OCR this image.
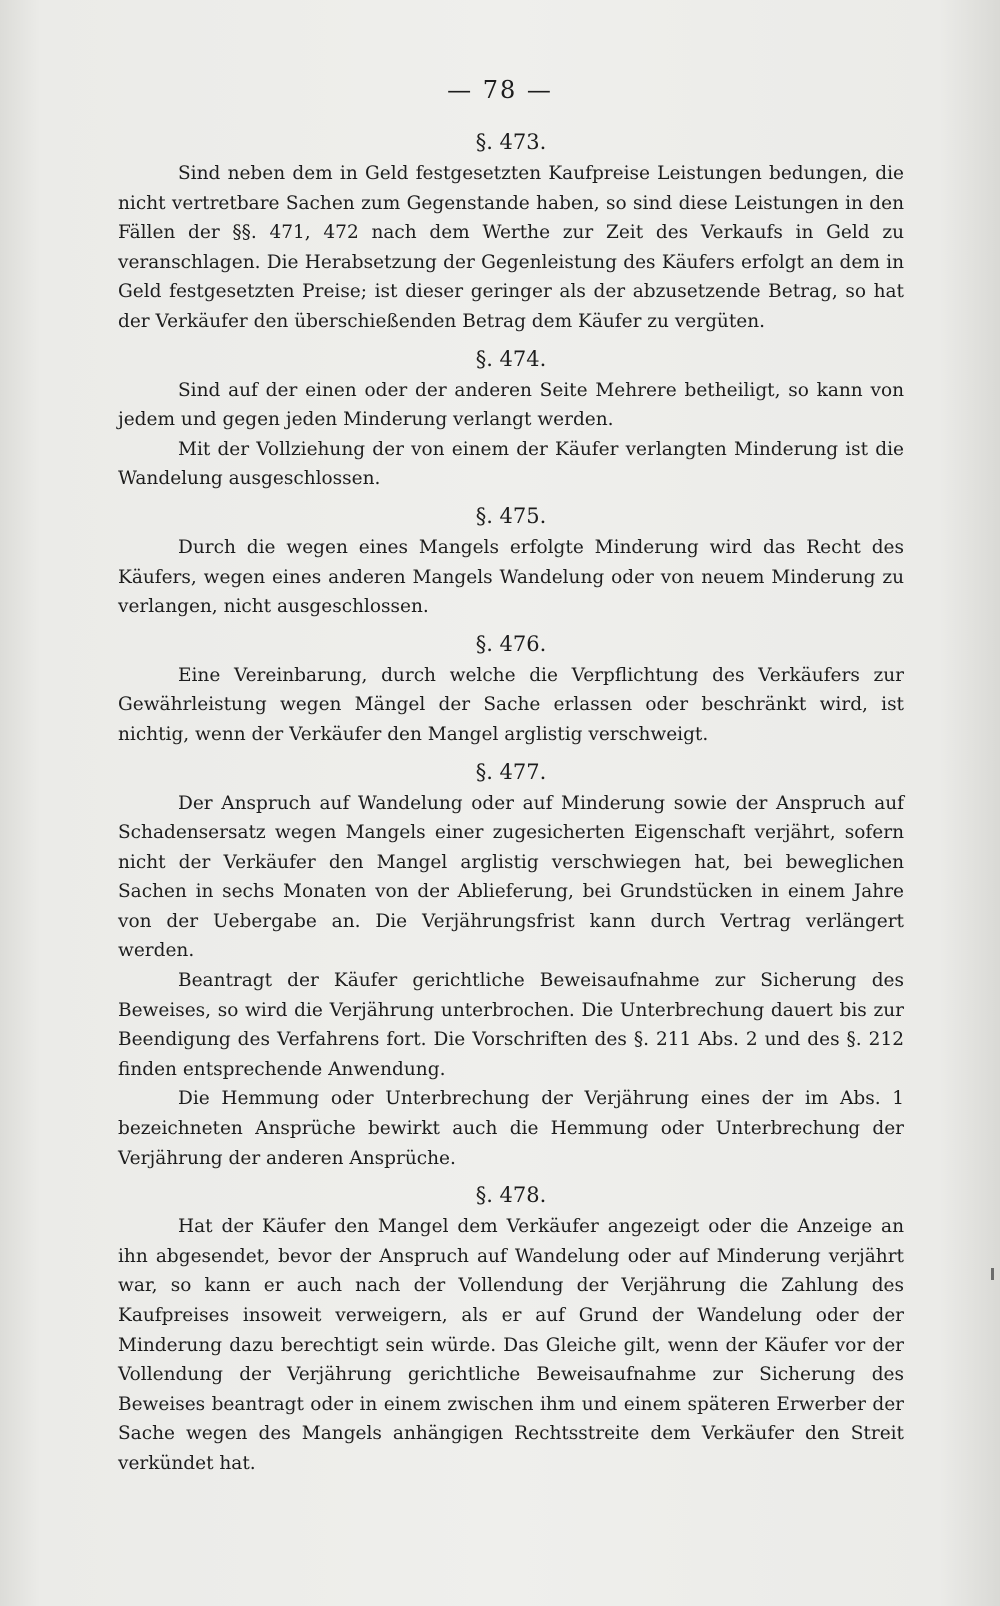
— 78 —
§. 473.

Sind neben dem in Geld festgesetzten Kaufpreise Leistungen bedungen, die nicht vertretbare Sachen zum Gegenstande haben, so sind diese Leistungen in den Fällen der §§. 471, 472 nach dem Werthe zur Zeit des Verkaufs in Geld zu veranschlagen. Die Herabsetzung der Gegenleistung des Käufers erfolgt an dem in Geld festgesetzten Preise; ist dieser geringer als der abzusetzende Betrag, so hat der Verkäufer den überschießenden Betrag dem Käufer zu vergüten.

§. 474.

Sind auf der einen oder der anderen Seite Mehrere betheiligt, so kann von jedem und gegen jeden Minderung verlangt werden.

Mit der Vollziehung der von einem der Käufer verlangten Minderung ist die Wandelung ausgeschlossen.

§. 475.

Durch die wegen eines Mangels erfolgte Minderung wird das Recht des Käufers, wegen eines anderen Mangels Wandelung oder von neuem Minderung zu verlangen, nicht ausgeschlossen.

§. 476.

Eine Vereinbarung, durch welche die Verpflichtung des Verkäufers zur Gewährleistung wegen Mängel der Sache erlassen oder beschränkt wird, ist nichtig, wenn der Verkäufer den Mangel arglistig verschweigt.

§. 477.

Der Anspruch auf Wandelung oder auf Minderung sowie der Anspruch auf Schadensersatz wegen Mangels einer zugesicherten Eigenschaft verjährt, sofern nicht der Verkäufer den Mangel arglistig verschwiegen hat, bei beweglichen Sachen in sechs Monaten von der Ablieferung, bei Grundstücken in einem Jahre von der Uebergabe an. Die Verjährungsfrist kann durch Vertrag verlängert werden.

Beantragt der Käufer gerichtliche Beweisaufnahme zur Sicherung des Beweises, so wird die Verjährung unterbrochen. Die Unterbrechung dauert bis zur Beendigung des Verfahrens fort. Die Vorschriften des §. 211 Abs. 2 und des §. 212 finden entsprechende Anwendung.

Die Hemmung oder Unterbrechung der Verjährung eines der im Abs. 1 bezeichneten Ansprüche bewirkt auch die Hemmung oder Unterbrechung der Verjährung der anderen Ansprüche.

§. 478.

Hat der Käufer den Mangel dem Verkäufer angezeigt oder die Anzeige an ihn abgesendet, bevor der Anspruch auf Wandelung oder auf Minderung verjährt war, so kann er auch nach der Vollendung der Verjährung die Zahlung des Kaufpreises insoweit verweigern, als er auf Grund der Wandelung oder der Minderung dazu berechtigt sein würde. Das Gleiche gilt, wenn der Käufer vor der Vollendung der Verjährung gerichtliche Beweisaufnahme zur Sicherung des Beweises beantragt oder in einem zwischen ihm und einem späteren Erwerber der Sache wegen des Mangels anhängigen Rechtsstreite dem Verkäufer den Streit verkündet hat.
